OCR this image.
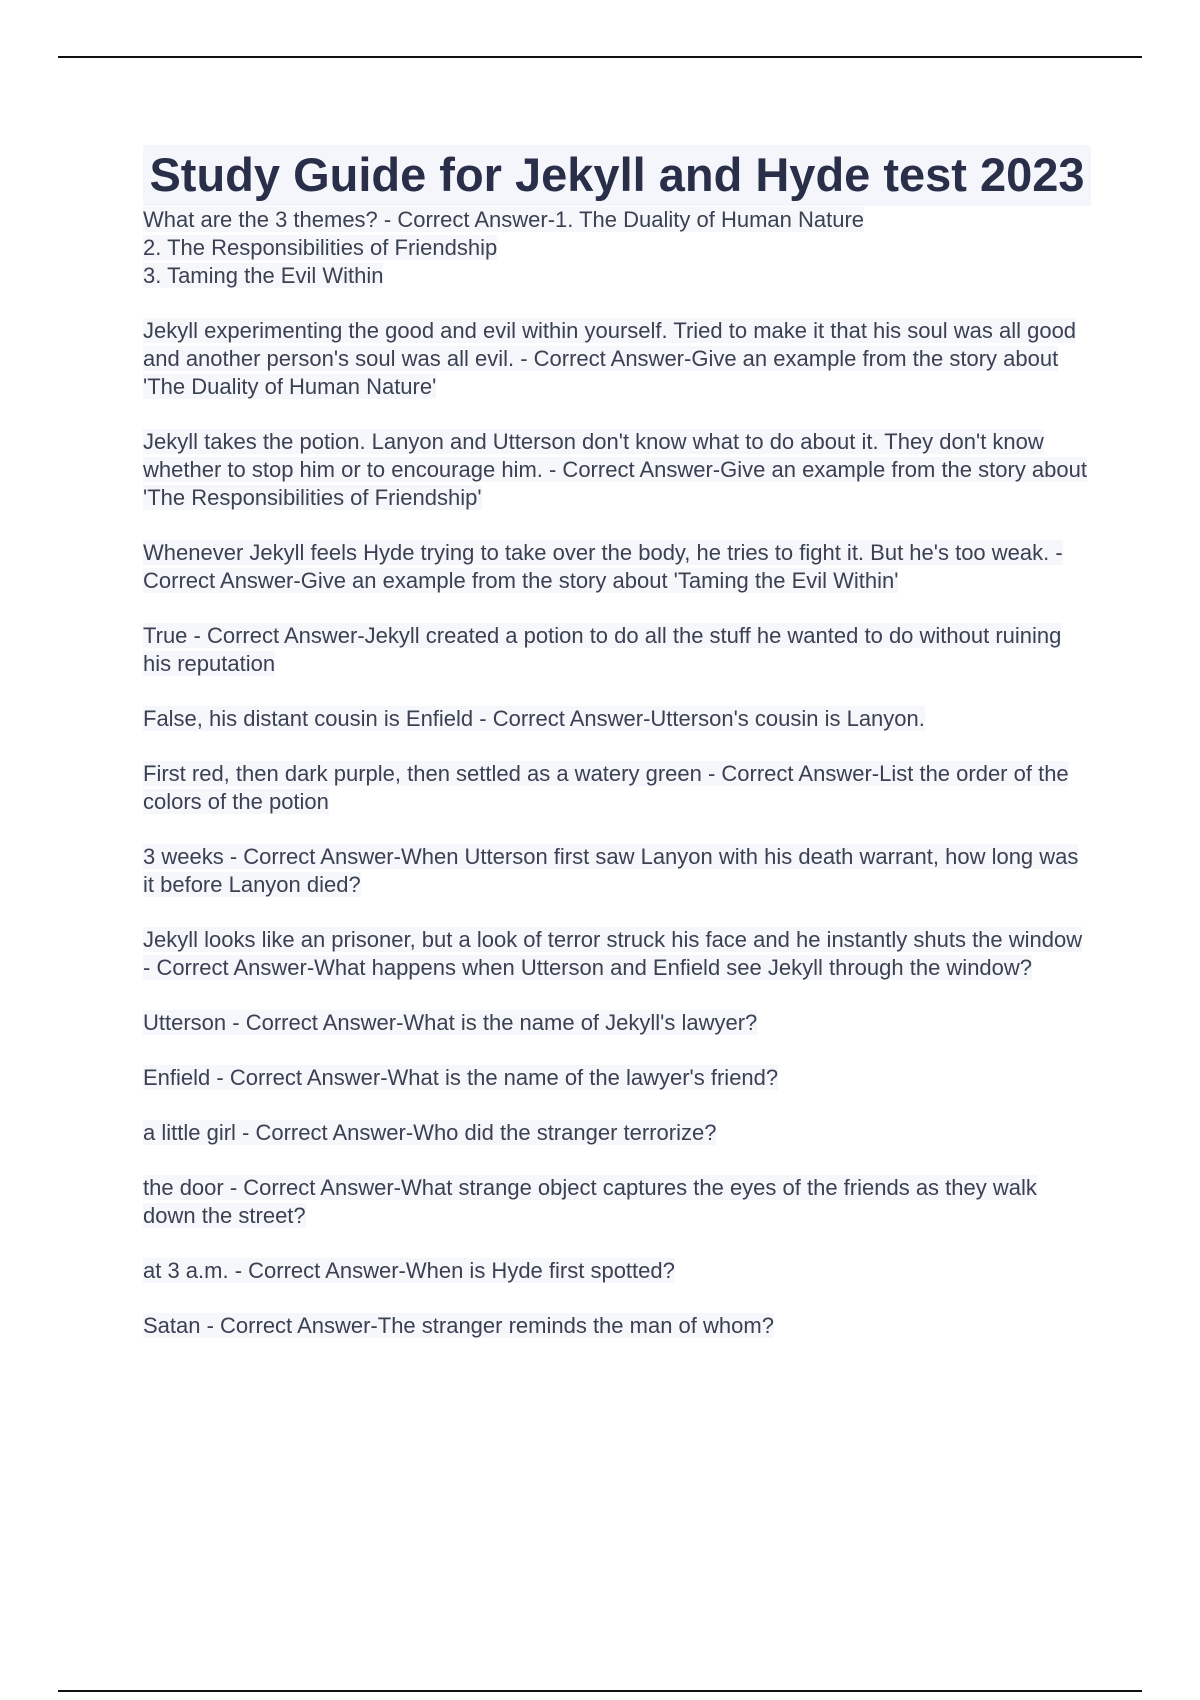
Study Guide for Jekyll and Hyde test 2023

What are the 3 themes? - Correct Answer-1. The Duality of Human Nature
2. The Responsibilities of Friendship
3. Taming the Evil Within

Jekyll experimenting the good and evil within yourself. Tried to make it that his soul was all good and another person's soul was all evil. - Correct Answer-Give an example from the story about 'The Duality of Human Nature'

Jekyll takes the potion. Lanyon and Utterson don't know what to do about it. They don't know whether to stop him or to encourage him. - Correct Answer-Give an example from the story about 'The Responsibilities of Friendship'

Whenever Jekyll feels Hyde trying to take over the body, he tries to fight it. But he's too weak. - Correct Answer-Give an example from the story about 'Taming the Evil Within'

True - Correct Answer-Jekyll created a potion to do all the stuff he wanted to do without ruining his reputation

False, his distant cousin is Enfield - Correct Answer-Utterson's cousin is Lanyon.

First red, then dark purple, then settled as a watery green - Correct Answer-List the order of the colors of the potion

3 weeks - Correct Answer-When Utterson first saw Lanyon with his death warrant, how long was it before Lanyon died?

Jekyll looks like an prisoner, but a look of terror struck his face and he instantly shuts the window - Correct Answer-What happens when Utterson and Enfield see Jekyll through the window?

Utterson - Correct Answer-What is the name of Jekyll's lawyer?

Enfield - Correct Answer-What is the name of the lawyer's friend?

a little girl - Correct Answer-Who did the stranger terrorize?

the door - Correct Answer-What strange object captures the eyes of the friends as they walk down the street?

at 3 a.m. - Correct Answer-When is Hyde first spotted?

Satan - Correct Answer-The stranger reminds the man of whom?
